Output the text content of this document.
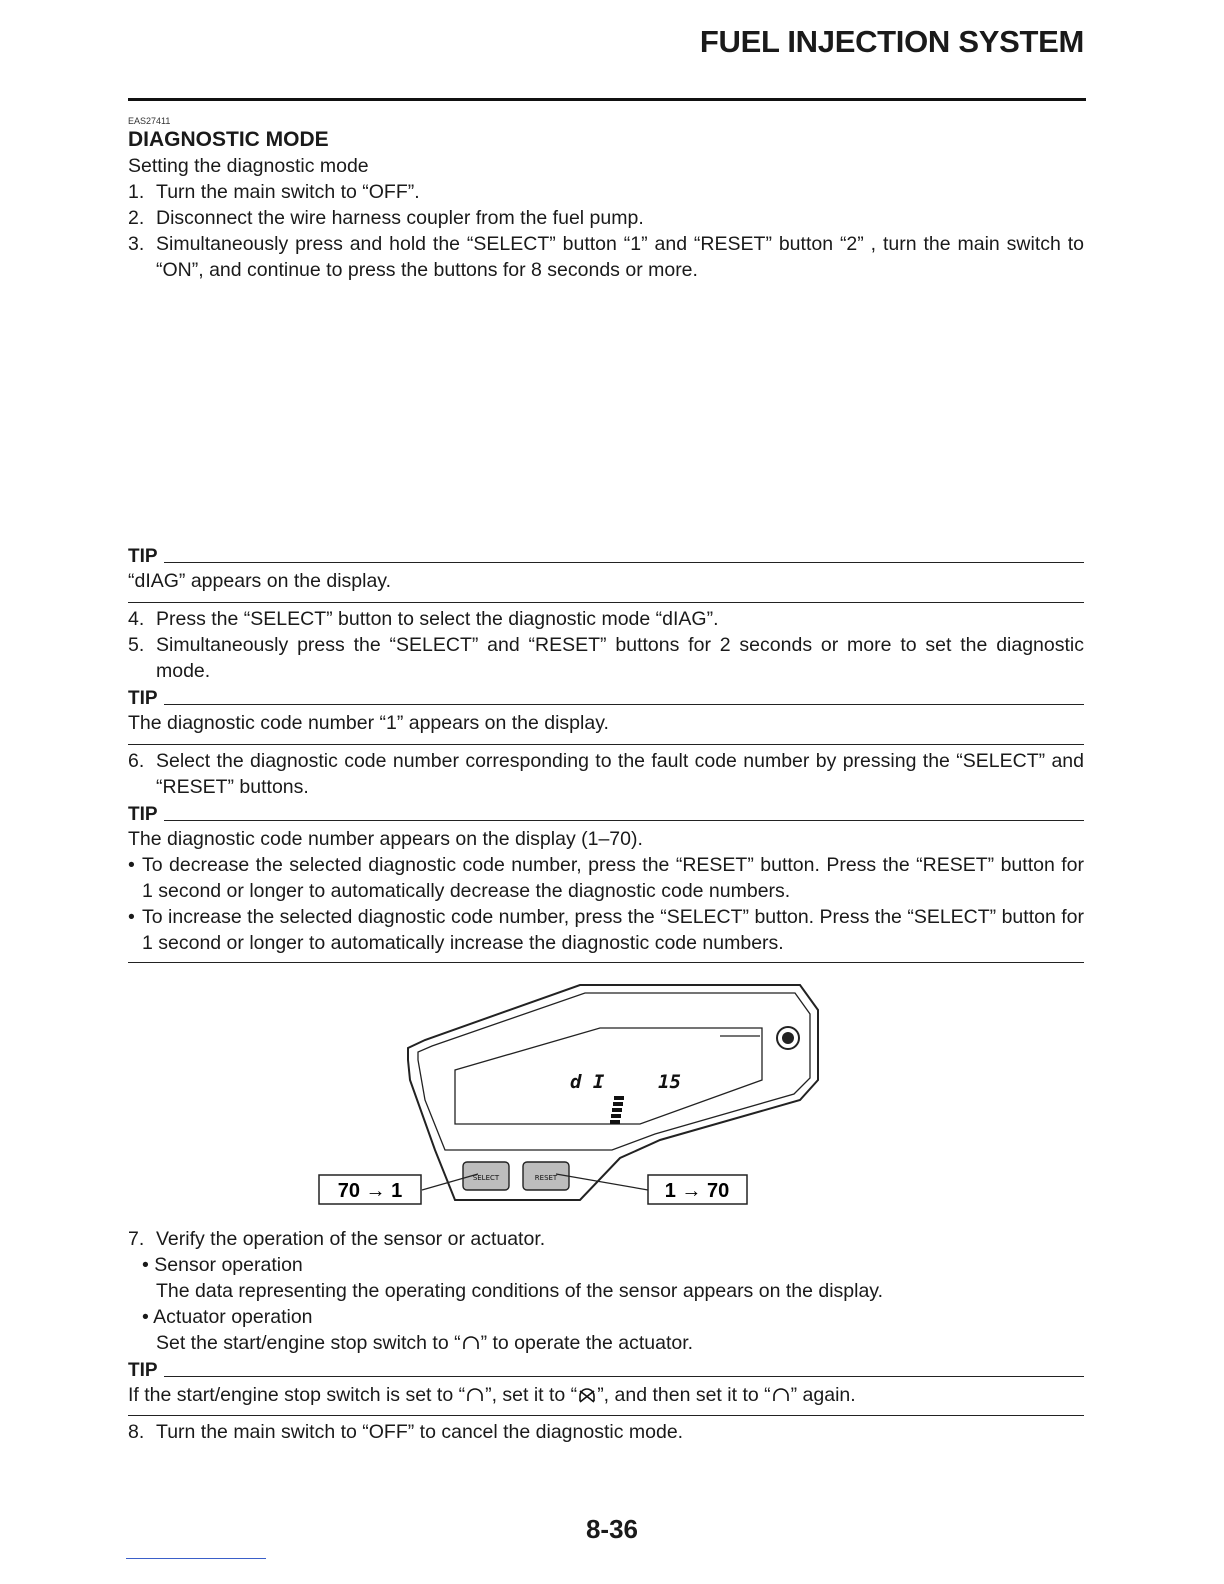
FUEL INJECTION SYSTEM
EAS27411
DIAGNOSTIC MODE
Setting the diagnostic mode
1. Turn the main switch to “OFF”.
2. Disconnect the wire harness coupler from the fuel pump.
3. Simultaneously press and hold the “SELECT” button “1” and “RESET” button “2” , turn the main switch to “ON”, and continue to press the buttons for 8 seconds or more.
TIP
“dIAG” appears on the display.
4. Press the “SELECT” button to select the diagnostic mode “dIAG”.
5. Simultaneously press the “SELECT” and “RESET” buttons for 2 seconds or more to set the diagnostic mode.
TIP
The diagnostic code number “1” appears on the display.
6. Select the diagnostic code number corresponding to the fault code number by pressing the “SELECT” and “RESET” buttons.
TIP
The diagnostic code number appears on the display (1–70).
• To decrease the selected diagnostic code number, press the “RESET” button. Press the “RESET” button for 1 second or longer to automatically decrease the diagnostic code numbers.
• To increase the selected diagnostic code number, press the “SELECT” button. Press the “SELECT” button for 1 second or longer to automatically increase the diagnostic code numbers.
d I	15
SELECT	RESET
70 → 1	1 → 70
7. Verify the operation of the sensor or actuator.
• Sensor operation
The data representing the operating conditions of the sensor appears on the display.
• Actuator operation
Set the start/engine stop switch to “ ” to operate the actuator.
TIP
If the start/engine stop switch is set to “ ”, set it to “ ”, and then set it to “ ” again.
8. Turn the main switch to “OFF” to cancel the diagnostic mode.
8-36
